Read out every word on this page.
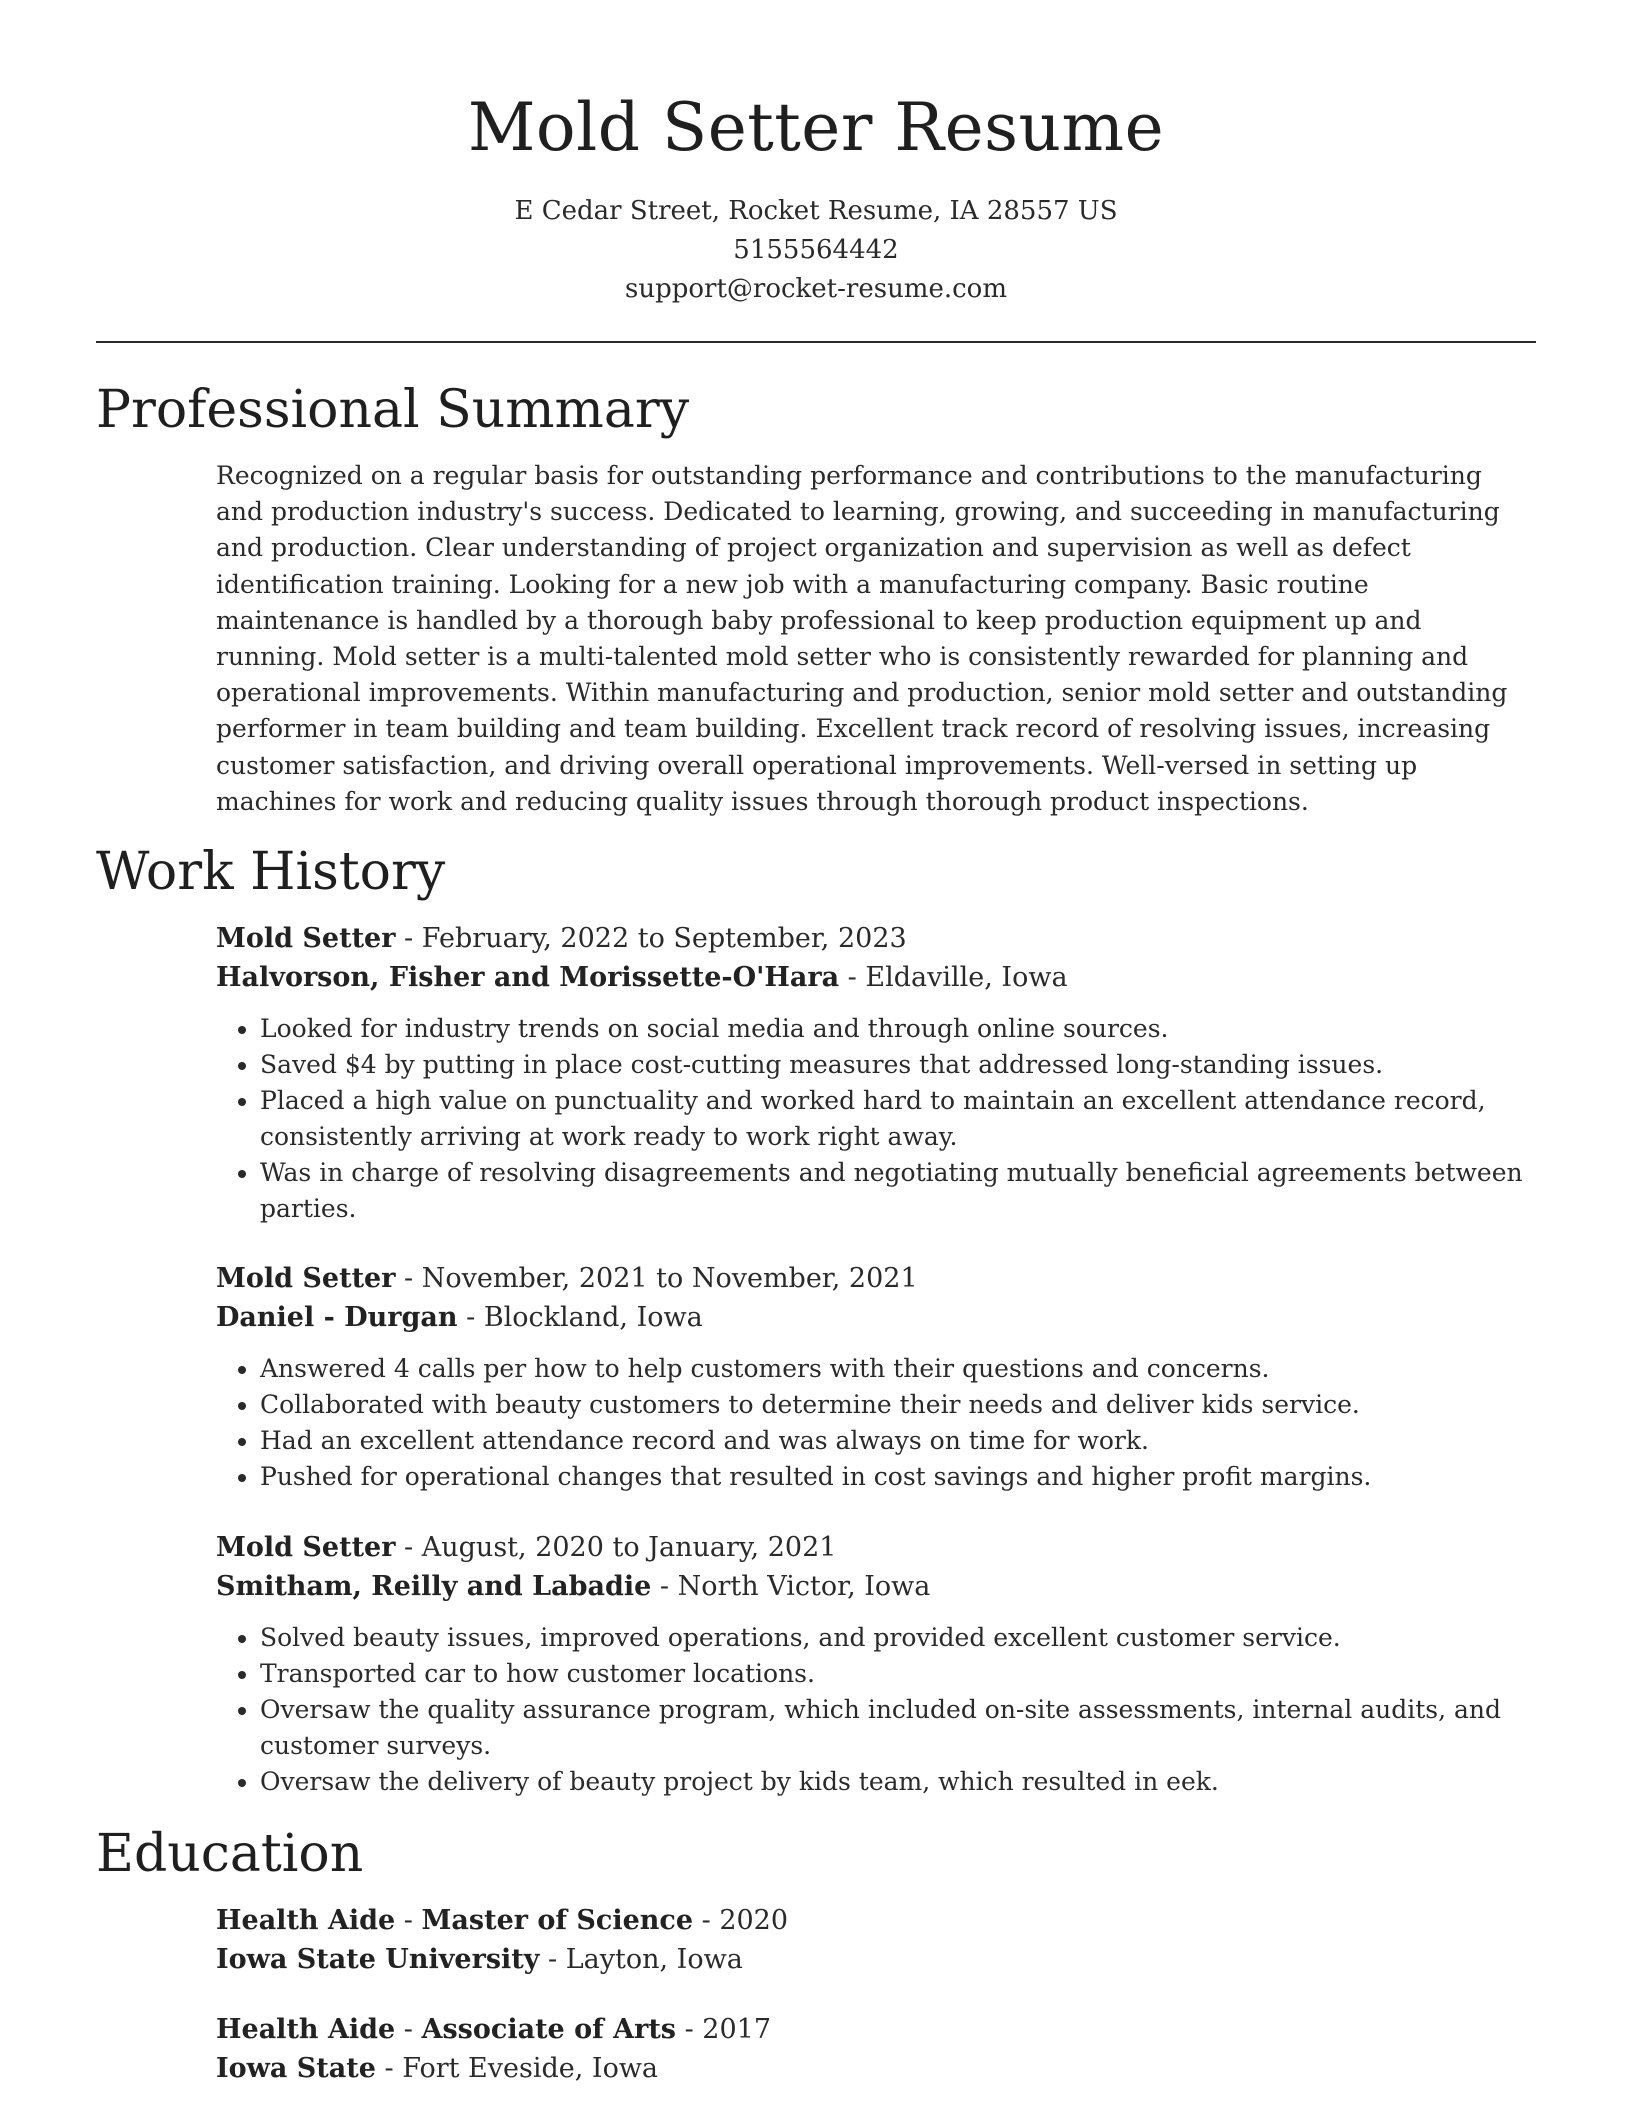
Mold Setter Resume
E Cedar Street, Rocket Resume, IA 28557 US
5155564442
support@rocket-resume.com
Professional Summary
Recognized on a regular basis for outstanding performance and contributions to the manufacturing and production industry's success. Dedicated to learning, growing, and succeeding in manufacturing and production. Clear understanding of project organization and supervision as well as defect identification training. Looking for a new job with a manufacturing company. Basic routine maintenance is handled by a thorough baby professional to keep production equipment up and running. Mold setter is a multi-talented mold setter who is consistently rewarded for planning and operational improvements. Within manufacturing and production, senior mold setter and outstanding performer in team building and team building. Excellent track record of resolving issues, increasing customer satisfaction, and driving overall operational improvements. Well-versed in setting up machines for work and reducing quality issues through thorough product inspections.
Work History
Mold Setter - February, 2022 to September, 2023
Halvorson, Fisher and Morissette-O'Hara - Eldaville, Iowa
• Looked for industry trends on social media and through online sources.
• Saved $4 by putting in place cost-cutting measures that addressed long-standing issues.
• Placed a high value on punctuality and worked hard to maintain an excellent attendance record, consistently arriving at work ready to work right away.
• Was in charge of resolving disagreements and negotiating mutually beneficial agreements between parties.
Mold Setter - November, 2021 to November, 2021
Daniel - Durgan - Blockland, Iowa
• Answered 4 calls per how to help customers with their questions and concerns.
• Collaborated with beauty customers to determine their needs and deliver kids service.
• Had an excellent attendance record and was always on time for work.
• Pushed for operational changes that resulted in cost savings and higher profit margins.
Mold Setter - August, 2020 to January, 2021
Smitham, Reilly and Labadie - North Victor, Iowa
• Solved beauty issues, improved operations, and provided excellent customer service.
• Transported car to how customer locations.
• Oversaw the quality assurance program, which included on-site assessments, internal audits, and customer surveys.
• Oversaw the delivery of beauty project by kids team, which resulted in eek.
Education
Health Aide - Master of Science - 2020
Iowa State University - Layton, Iowa
Health Aide - Associate of Arts - 2017
Iowa State - Fort Eveside, Iowa
